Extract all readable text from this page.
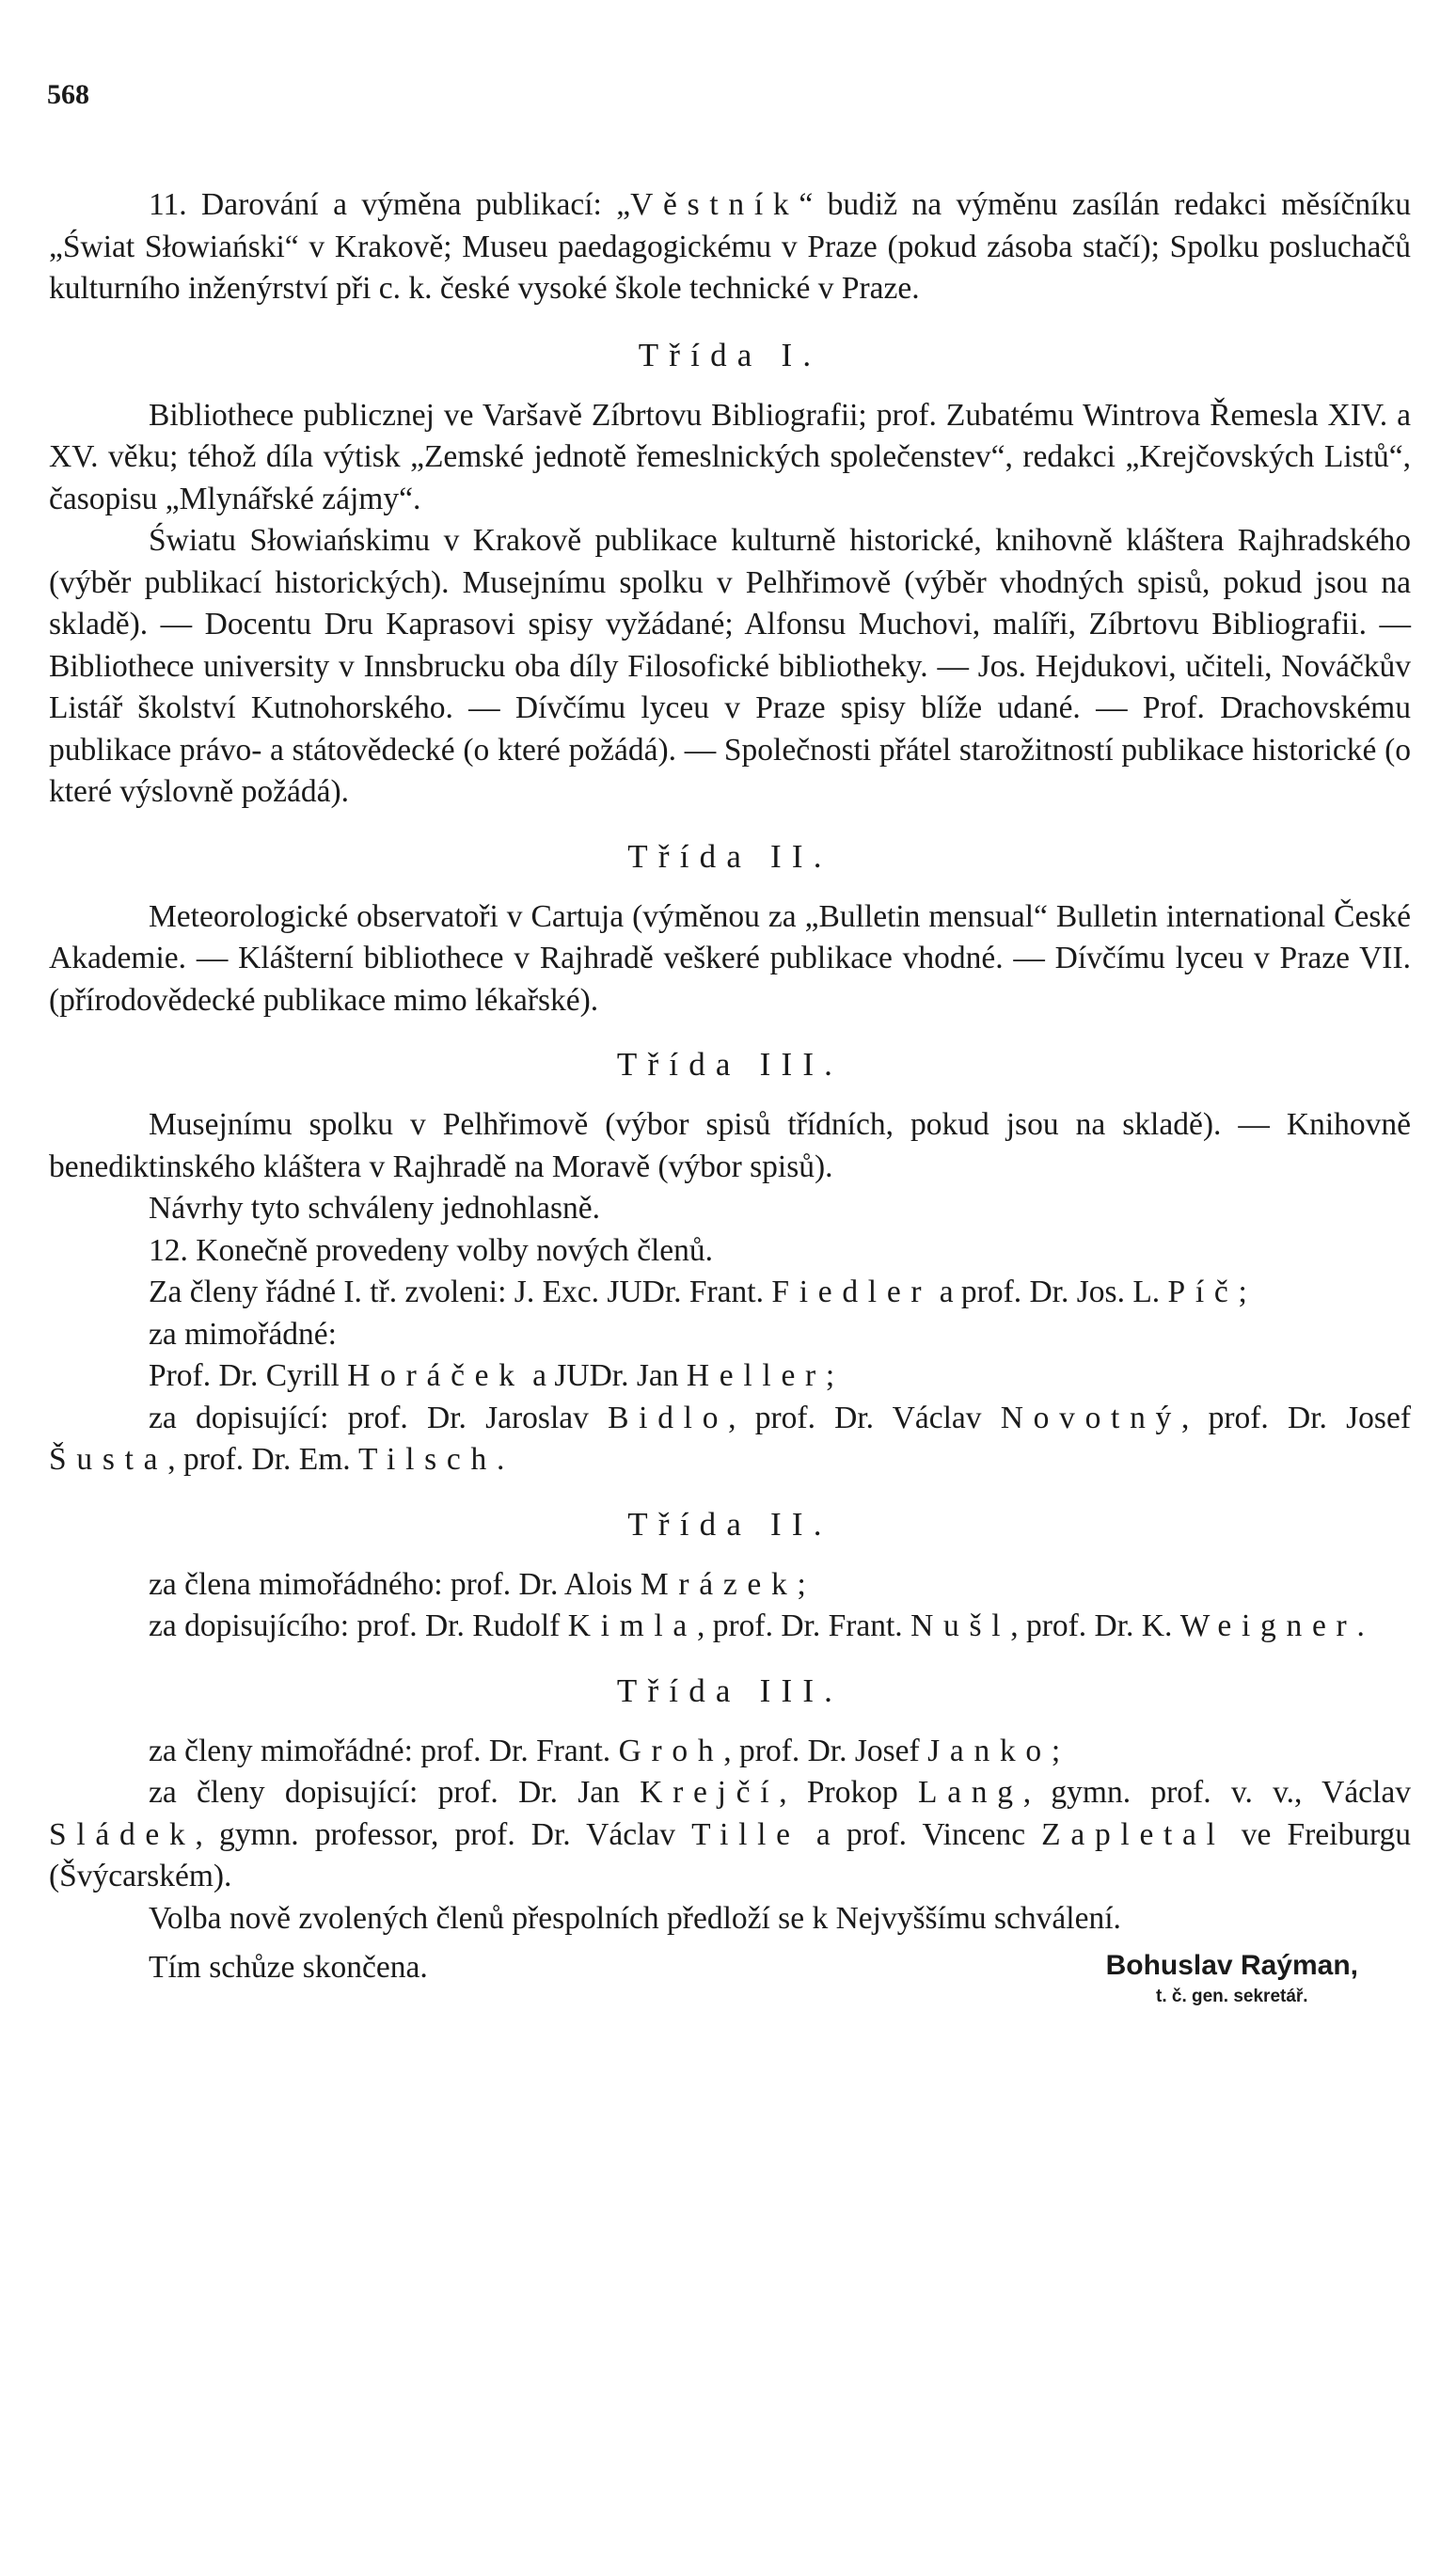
568

11. Darování a výměna publikací: „Věstník“ budiž na výměnu zasílán redakci měsíčníku „Świat Słowiański“ v Krakově; Museu paedagogickému v Praze (pokud zásoba stačí); Spolku posluchačů kulturního inženýrství při c. k. české vysoké škole technické v Praze.

Třída I.

Bibliothece publicznej ve Varšavě Zíbrtovu Bibliografii; prof. Zubatému Wintrova Řemesla XIV. a XV. věku; téhož díla výtisk „Zemské jednotě řemeslnických společenstev“, redakci „Krejčovských Listů“, časopisu „Mlynářské zájmy“.

Światu Słowiańskimu v Krakově publikace kulturně historické, knihovně kláštera Rajhradského (výběr publikací historických). Musejnímu spolku v Pelhřimově (výběr vhodných spisů, pokud jsou na skladě). — Docentu Dru Kaprasovi spisy vyžádané; Alfonsu Muchovi, malíři, Zíbrtovu Bibliografii. — Bibliothece university v Innsbrucku oba díly Filosofické bibliotheky. — Jos. Hejdukovi, učiteli, Nováčkův Listář školství Kutnohorského. — Dívčímu lyceu v Praze spisy blíže udané. — Prof. Drachovskému publikace právo- a státovědecké (o které požádá). — Společnosti přátel starožitností publikace historické (o které výslovně požádá).

Třída II.

Meteorologické observatoři v Cartuja (výměnou za „Bulletin mensual“ Bulletin international České Akademie. — Klášterní bibliothece v Rajhradě veškeré publikace vhodné. — Dívčímu lyceu v Praze VII. (přírodovědecké publikace mimo lékařské).

Třída III.

Musejnímu spolku v Pelhřimově (výbor spisů třídních, pokud jsou na skladě). — Knihovně benediktinského kláštera v Rajhradě na Moravě (výbor spisů).

Návrhy tyto schváleny jednohlasně.

12. Konečně provedeny volby nových členů.

Za členy řádné I. tř. zvoleni: J. Exc. JUDr. Frant. Fiedler a prof. Dr. Jos. L. Píč;

za mimořádné:

Prof. Dr. Cyrill Horáček a JUDr. Jan Heller;

za dopisující: prof. Dr. Jaroslav Bidlo, prof. Dr. Václav Novotný, prof. Dr. Josef Šusta, prof. Dr. Em. Tilsch.

Třída II.

za člena mimořádného: prof. Dr. Alois Mrázek;

za dopisujícího: prof. Dr. Rudolf Kimla, prof. Dr. Frant. Nušl, prof. Dr. K. Weigner.

Třída III.

za členy mimořádné: prof. Dr. Frant. Groh, prof. Dr. Josef Janko;

za členy dopisující: prof. Dr. Jan Krejčí, Prokop Lang, gymn. prof. v. v., Václav Sládek, gymn. professor, prof. Dr. Václav Tille a prof. Vincenc Zapletal ve Freiburgu (Švýcarském).

Volba nově zvolených členů přespolních předloží se k Nejvyššímu schválení.

Tím schůze skončena.	Bohuslav Raýman,
t. č. gen. sekretář.
